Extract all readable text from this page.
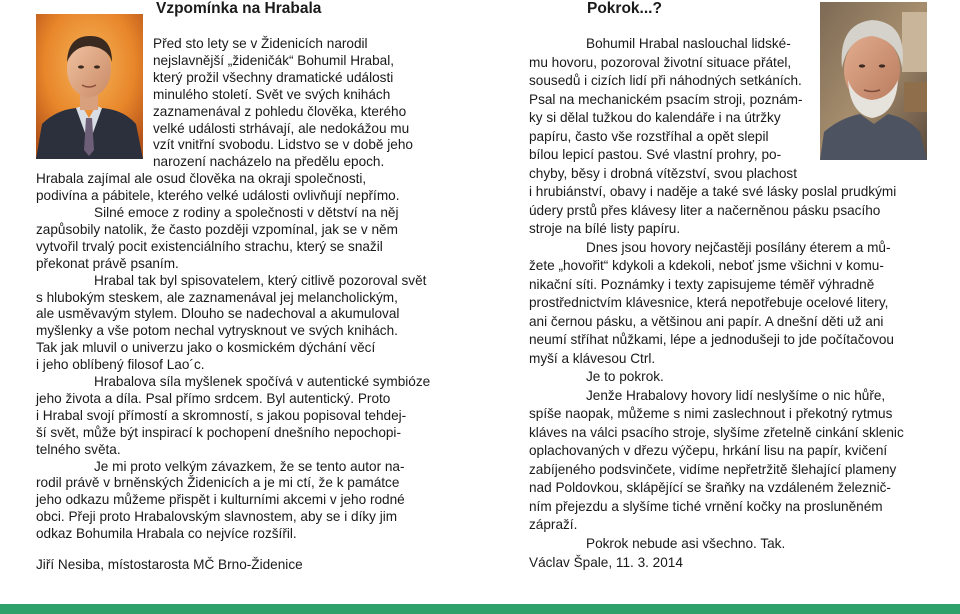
Vzpomínka na Hrabala
Před sto lety se v Židenicích narodil
nejslavnější „žideničák“ Bohumil Hrabal,
který prožil všechny dramatické události
minulého století. Svět ve svých knihách
zaznamenával z pohledu člověka, kterého
velké události strhávají, ale nedokážou mu
vzít vnitřní svobodu. Lidstvo se v době jeho
narození nacházelo na předělu epoch.
Hrabala zajímal ale osud člověka na okraji společnosti,
podivína a pábitele, kterého velké události ovlivňují nepřímo.
Silné emoce z rodiny a společnosti v dětství na něj
zapůsobily natolik, že často později vzpomínal, jak se v něm
vytvořil trvalý pocit existenciálního strachu, který se snažil
překonat právě psaním.
Hrabal tak byl spisovatelem, který citlivě pozoroval svět
s hlubokým steskem, ale zaznamenával jej melancholickým,
ale usměvavým stylem. Dlouho se nadechoval a akumuloval
myšlenky a vše potom nechal vytrysknout ve svých knihách.
Tak jak mluvil o univerzu jako o kosmickém dýchání věcí
i jeho oblíbený filosof Lao´c.
Hrabalova síla myšlenek spočívá v autentické symbióze
jeho života a díla. Psal přímo srdcem. Byl autentický. Proto
i Hrabal svojí přímostí a skromností, s jakou popisoval tehdej-
ší svět, může být inspirací k pochopení dnešního nepochopi-
telného světa.
Je mi proto velkým závazkem, že se tento autor na-
rodil právě v brněnských Židenicích a je mi ctí, že k památce
jeho odkazu můžeme přispět i kulturními akcemi v jeho rodné
obci. Přeji proto Hrabalovským slavnostem, aby se i díky jim
odkaz Bohumila Hrabala co nejvíce rozšířil.
Jiří Nesiba, místostarosta MČ Brno-Židenice
Pokrok...?
Bohumil Hrabal naslouchal lidské-
mu hovoru, pozoroval životní situace přátel,
sousedů i cizích lidí při náhodných setkáních.
Psal na mechanickém psacím stroji, poznám-
ky si dělal tužkou do kalendáře i na útržky
papíru, často vše rozstříhal a opět slepil
bílou lepicí pastou. Své vlastní prohry, po-
chyby, běsy i drobná vítězství, svou plachost
i hrubiánství, obavy i naděje a také své lásky poslal prudkými
údery prstů přes klávesy liter a načerněnou pásku psacího
stroje na bílé listy papíru.
Dnes jsou hovory nejčastěji posílány éterem a mů-
žete „hovořit“ kdykoli a kdekoli, neboť jsme všichni v komu-
nikační síti. Poznámky i texty zapisujeme téměř výhradně
prostřednictvím klávesnice, která nepotřebuje ocelové litery,
ani černou pásku, a většinou ani papír. A dnešní děti už ani
neumí stříhat nůžkami, lépe a jednodušeji to jde počítačovou
myší a klávesou Ctrl.
Je to pokrok.
Jenže Hrabalovy hovory lidí neslyšíme o nic hůře,
spíše naopak, můžeme s nimi zaslechnout i překotný rytmus
kláves na válci psacího stroje, slyšíme zřetelně cinkání sklenic
oplachovaných v dřezu výčepu, hrkání lisu na papír, kvičení
zabíjeného podsvinčete, vidíme nepřetržitě šlehající plameny
nad Poldovkou, sklápějící se šraňky na vzdáleném železnič-
ním přejezdu a slyšíme tiché vrnění kočky na prosluněném
zápraží.
Pokrok nebude asi všechno. Tak.
Václav Špale, 11. 3. 2014
